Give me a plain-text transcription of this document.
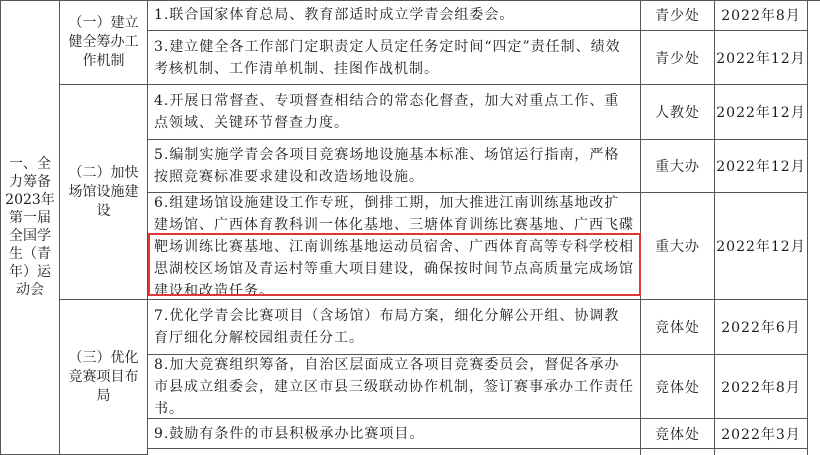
一、全力筹备2023年第一届全国学生（青年）运动会
（一）建立健全筹办工作机制
（二）加快场馆设施建设
（三）优化竞赛项目布局
1.联合国家体育总局、教育部适时成立学青会组委会。	青少处 2022年8月
3.建立健全各工作部门定职责定人员定任务定时间“四定”责任制、绩效考核机制、工作清单机制、挂图作战机制。
青少处 2022年12月
4.开展日常督查、专项督查相结合的常态化督查，加大对重点工作、重点领域、关键环节督查力度。
人教处 2022年12月
5.编制实施学青会各项目竞赛场地设施基本标准、场馆运行指南，严格按照竞赛标准要求建设和改造场地设施。
重大办 2022年12月
6.组建场馆设施建设工作专班，倒排工期，加大推进江南训练基地改扩建场馆、广西体育教科训一体化基地、三塘体育训练比赛基地、广西飞碟靶场训练比赛基地、江南训练基地运动员宿舍、广西体育高等专科学校相思湖校区场馆及青运村等重大项目建设，确保按时间节点高质量完成场馆建设和改造任务。
重大办 2022年12月
7.优化学青会比赛项目（含场馆）布局方案，细化分解公开组、协调教育厅细化分解校园组责任分工。
竞体处 2022年6月
8.加大竞赛组织筹备，自治区层面成立各项目竞赛委员会，督促各承办市县成立组委会，建立区市县三级联动协作机制，签订赛事承办工作责任书。
竞体处 2022年8月
9.鼓励有条件的市县积极承办比赛项目。	竞体处 2022年3月
